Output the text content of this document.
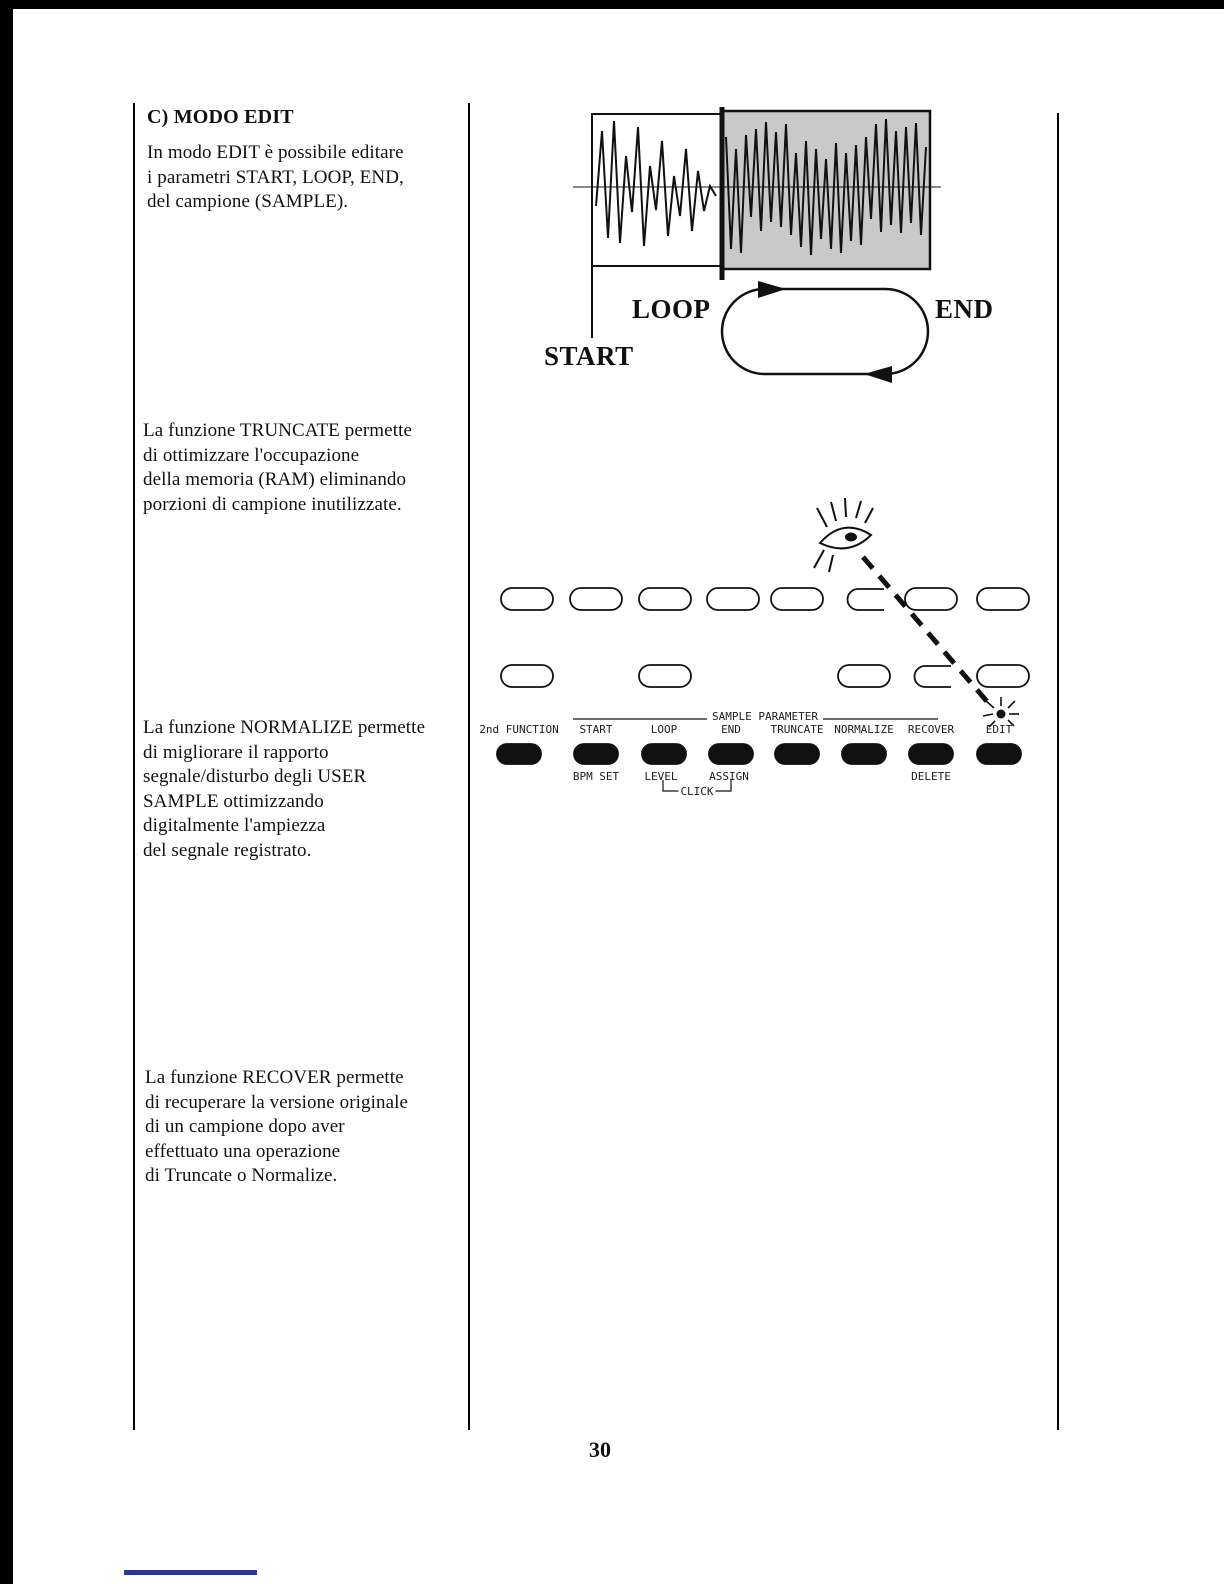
C) MODO EDIT
In modo EDIT è possibile editare
i parametri START, LOOP, END,
del campione (SAMPLE).
La funzione TRUNCATE permette
di ottimizzare l'occupazione
della memoria (RAM) eliminando
porzioni di campione inutilizzate.
La funzione NORMALIZE permette
di migliorare il rapporto
segnale/disturbo degli USER
SAMPLE ottimizzando
digitalmente l'ampiezza
del segnale registrato.
La funzione RECOVER permette
di recuperare la versione originale
di un campione dopo aver
effettuato una operazione
di Truncate o Normalize.
LOOP	END
START
SAMPLE PARAMETER
2nd FUNCTION START	LOOP	END	TRUNCATE NORMALIZE RECOVER	EDIT
BPM SET LEVEL	ASSIGN	DELETE
CLICK
30
